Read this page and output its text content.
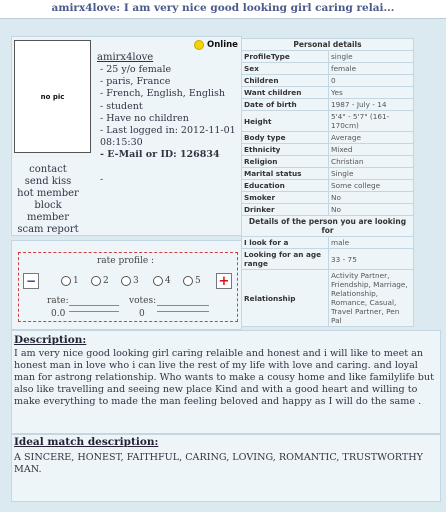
amirx4love: I am very nice good looking girl caring relai...
no pic
Online
amirx4love
- 25 y/o female
- paris, France
- French, English, English
- student
- Have no children
- Last logged in: 2012-11-01 08:15:30
- E-Mail or ID: 126834
-
contact
send kiss
hot member
block member
scam report
Personal details	
ProfileType	single
Sex	female
Children	0
Want children	Yes
Date of birth	1987 - July - 14
Height	5'4" - 5'7" (161-170cm)
Body type	Average
Ethnicity	Mixed
Religion	Christian
Marital status	Single
Education	Some college
Smoker	No
Drinker	No
Details of the person you are looking for	
I look for a	male
Looking for an age range	33 - 75
Relationship	Activity Partner, Friendship, Marriage, Relationship, Romance, Casual, Travel Partner, Pen Pal
rate profile :
−	1	2	3	4	5 +
rate:
0.0
votes:
0
Description:
I am very nice good looking girl caring relaible and honest and i will like to meet an honest man in love who i can live the rest of my life with love and caring. and loyal man for astrong relationship. Who wants to make a cousy home and like familylife but also like travelling and seeing new place Kind and with a good heart and willing to make everything to made the man feeling beloved and happy as I will do the same .
Ideal match description:
A SINCERE, HONEST, FAITHFUL, CARING, LOVING, ROMANTIC, TRUSTWORTHY MAN.
